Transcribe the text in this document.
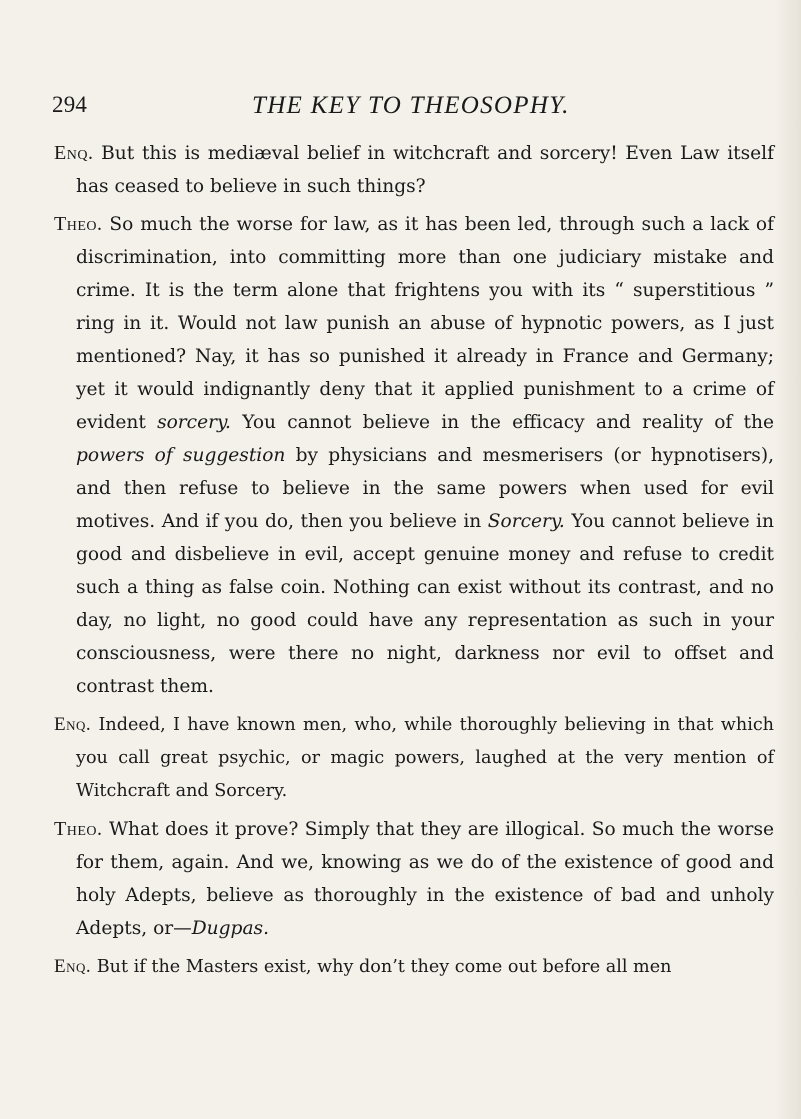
294	THE KEY TO THEOSOPHY.

Enq. But this is mediæval belief in witchcraft and sorcery! Even Law itself has ceased to believe in such things?

Theo. So much the worse for law, as it has been led, through such a lack of discrimination, into committing more than one judiciary mistake and crime. It is the term alone that frightens you with its “ superstitious ” ring in it. Would not law punish an abuse of hypnotic powers, as I just mentioned? Nay, it has so punished it already in France and Germany; yet it would indignantly deny that it applied punishment to a crime of evident sorcery. You cannot believe in the efficacy and reality of the powers of suggestion by physicians and mesmerisers (or hypnotisers), and then refuse to believe in the same powers when used for evil motives. And if you do, then you believe in Sorcery. You cannot believe in good and disbelieve in evil, accept genuine money and refuse to credit such a thing as false coin. Nothing can exist without its contrast, and no day, no light, no good could have any representation as such in your consciousness, were there no night, darkness nor evil to offset and contrast them.

Enq. Indeed, I have known men, who, while thoroughly believing in that which you call great psychic, or magic powers, laughed at the very mention of Witchcraft and Sorcery.

Theo. What does it prove? Simply that they are illogical. So much the worse for them, again. And we, knowing as we do of the existence of good and holy Adepts, believe as thoroughly in the existence of bad and unholy Adepts, or—Dugpas.

Enq. But if the Masters exist, why don’t they come out before all men
